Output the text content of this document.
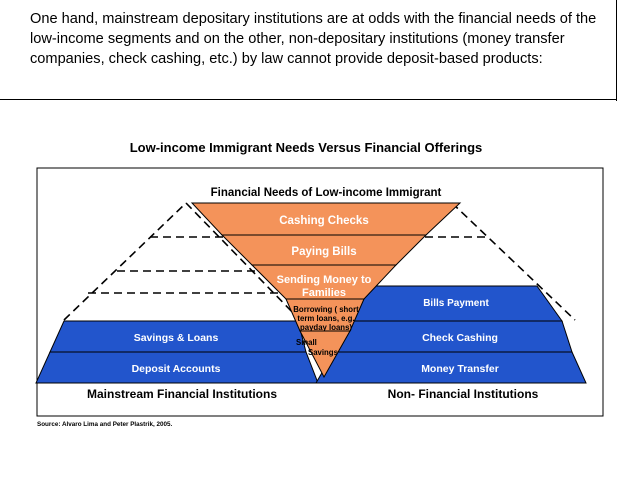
One hand, mainstream depositary institutions are at odds with the financial needs of the low-income segments and on the other, non-depositary institutions (money transfer companies, check cashing, etc.) by law cannot provide deposit-based products:
Low-income Immigrant Needs Versus Financial Offerings
Financial Needs of Low-income Immigrant
Cashing Checks
Paying Bills
Sending Money to
Families
Borrowing ( short
term loans, e.g.
payday loans)
Small
Savings
Savings & Loans
Deposit Accounts
Bills Payment
Check Cashing
Money Transfer
Mainstream Financial Institutions	Non- Financial Institutions
Source: Alvaro Lima and Peter Plastrik, 2005.
